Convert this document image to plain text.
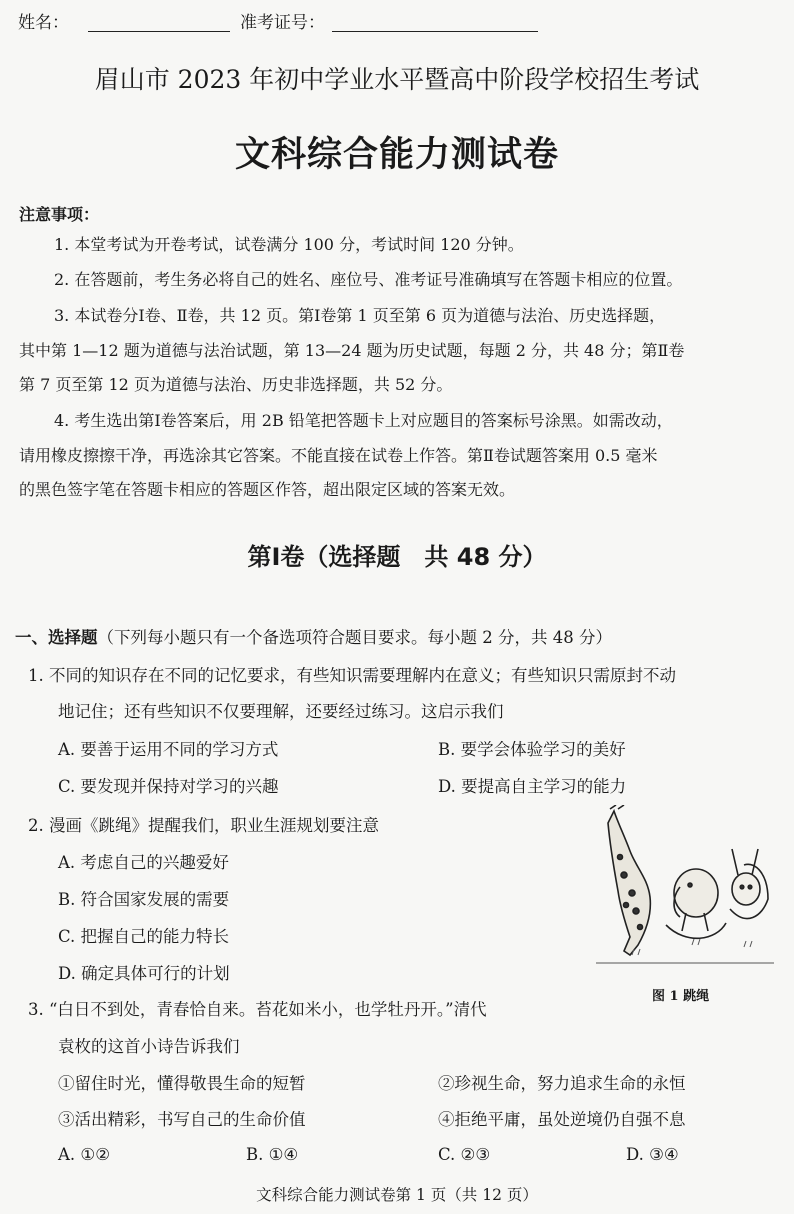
姓名：	准考证号：
眉山市 2023 年初中学业水平暨高中阶段学校招生考试
文科综合能力测试卷
注意事项：
1. 本堂考试为开卷考试，试卷满分 100 分，考试时间 120 分钟。
2. 在答题前，考生务必将自己的姓名、座位号、准考证号准确填写在答题卡相应的位置。
3. 本试卷分Ⅰ卷、Ⅱ卷，共 12 页。第Ⅰ卷第 1 页至第 6 页为道德与法治、历史选择题，
其中第 1—12 题为道德与法治试题，第 13—24 题为历史试题，每题 2 分，共 48 分；第Ⅱ卷
第 7 页至第 12 页为道德与法治、历史非选择题，共 52 分。
4. 考生选出第Ⅰ卷答案后，用 2B 铅笔把答题卡上对应题目的答案标号涂黑。如需改动，
请用橡皮擦擦干净，再选涂其它答案。不能直接在试卷上作答。第Ⅱ卷试题答案用 0.5 毫米
的黑色签字笔在答题卡相应的答题区作答，超出限定区域的答案无效。
第Ⅰ卷（选择题　共 48 分）
一、选择题（下列每小题只有一个备选项符合题目要求。每小题 2 分，共 48 分）
1. 不同的知识存在不同的记忆要求，有些知识需要理解内在意义；有些知识只需原封不动
地记住；还有些知识不仅要理解，还要经过练习。这启示我们
A. 要善于运用不同的学习方式	B. 要学会体验学习的美好
C. 要发现并保持对学习的兴趣	D. 要提高自主学习的能力
2. 漫画《跳绳》提醒我们，职业生涯规划要注意
A. 考虑自己的兴趣爱好
B. 符合国家发展的需要
C. 把握自己的能力特长
D. 确定具体可行的计划
图 1 跳绳
3. “白日不到处，青春恰自来。苔花如米小，也学牡丹开。”清代
袁枚的这首小诗告诉我们
①留住时光，懂得敬畏生命的短暂	②珍视生命，努力追求生命的永恒
③活出精彩，书写自己的生命价值	④拒绝平庸，虽处逆境仍自强不息
A. ①②	B. ①④	C. ②③	D. ③④
文科综合能力测试卷第 1 页（共 12 页）
